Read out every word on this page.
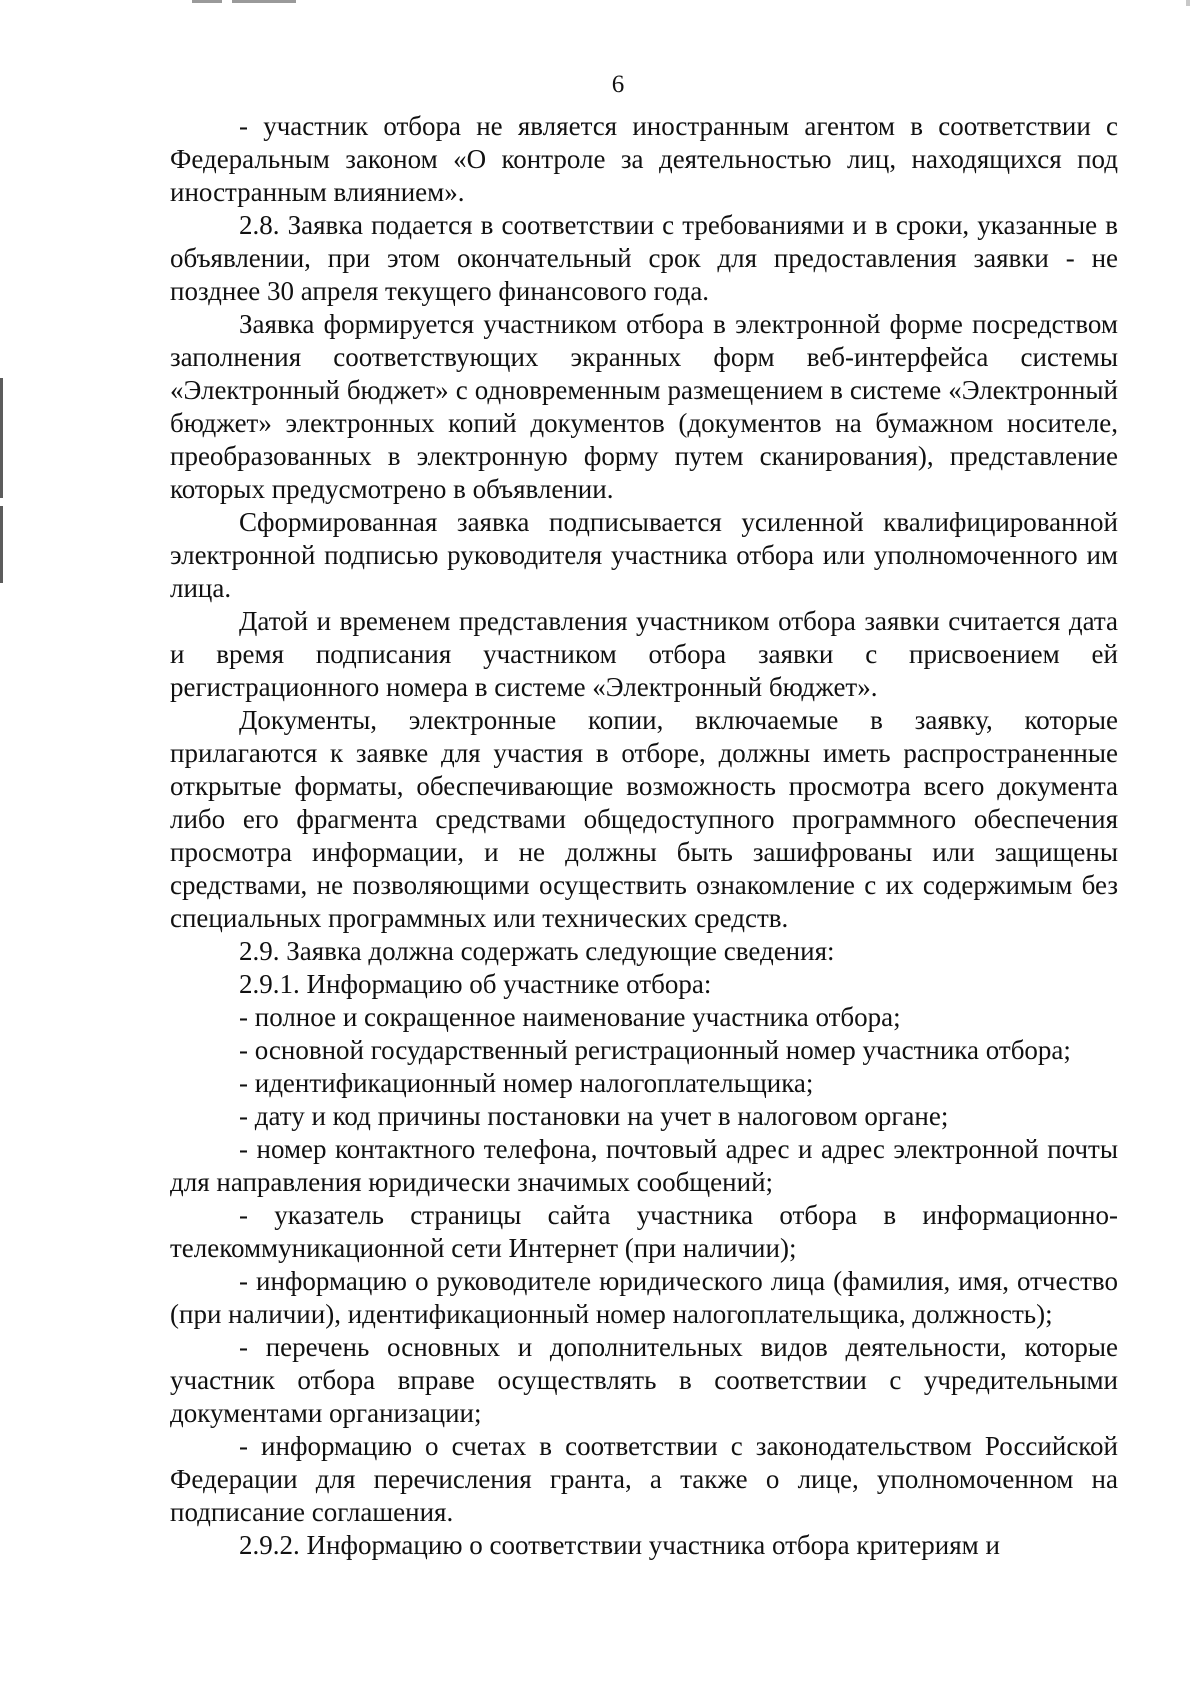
6

- участник отбора не является иностранным агентом в соответствии с Федеральным законом «О контроле за деятельностью лиц, находящихся под иностранным влиянием».

2.8. Заявка подается в соответствии с требованиями и в сроки, указанные в объявлении, при этом окончательный срок для предоставления заявки - не позднее 30 апреля текущего финансового года.

Заявка формируется участником отбора в электронной форме посредством заполнения соответствующих экранных форм веб-интерфейса системы «Электронный бюджет» с одновременным размещением в системе «Электронный бюджет» электронных копий документов (документов на бумажном носителе, преобразованных в электронную форму путем сканирования), представление которых предусмотрено в объявлении.

Сформированная заявка подписывается усиленной квалифицированной электронной подписью руководителя участника отбора или уполномоченного им лица.

Датой и временем представления участником отбора заявки считается дата и время подписания участником отбора заявки с присвоением ей регистрационного номера в системе «Электронный бюджет».

Документы, электронные копии, включаемые в заявку, которые прилагаются к заявке для участия в отборе, должны иметь распространенные открытые форматы, обеспечивающие возможность просмотра всего документа либо его фрагмента средствами общедоступного программного обеспечения просмотра информации, и не должны быть зашифрованы или защищены средствами, не позволяющими осуществить ознакомление с их содержимым без специальных программных или технических средств.

2.9. Заявка должна содержать следующие сведения:

2.9.1. Информацию об участнике отбора:

- полное и сокращенное наименование участника отбора;

- основной государственный регистрационный номер участника отбора;

- идентификационный номер налогоплательщика;

- дату и код причины постановки на учет в налоговом органе;

- номер контактного телефона, почтовый адрес и адрес электронной почты для направления юридически значимых сообщений;

- указатель страницы сайта участника отбора в информационно-телекоммуникационной сети Интернет (при наличии);

- информацию о руководителе юридического лица (фамилия, имя, отчество (при наличии), идентификационный номер налогоплательщика, должность);

- перечень основных и дополнительных видов деятельности, которые участник отбора вправе осуществлять в соответствии с учредительными документами организации;

- информацию о счетах в соответствии с законодательством Российской Федерации для перечисления гранта, а также о лице, уполномоченном на подписание соглашения.

2.9.2. Информацию о соответствии участника отбора критериям и
